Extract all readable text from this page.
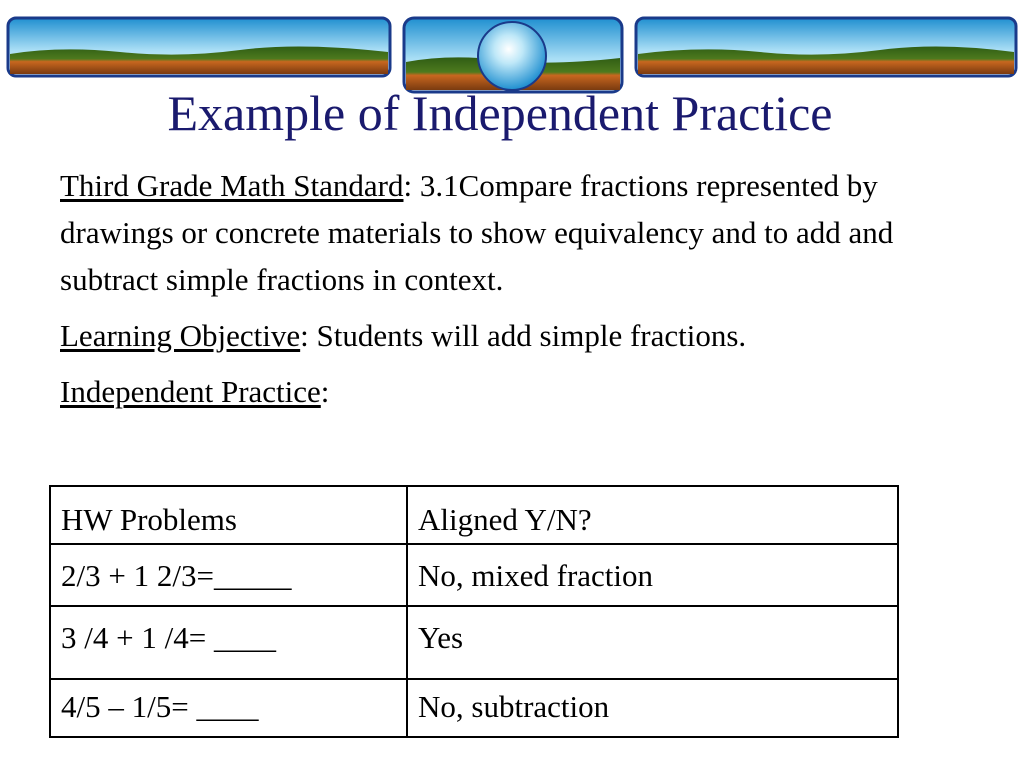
Example of Independent Practice

Third Grade Math Standard: 3.1Compare fractions represented by drawings or concrete materials to show equivalency and to add and subtract simple fractions in context.

Learning Objective: Students will add simple fractions.

Independent Practice:

HW Problems	Aligned Y/N?
2/3 + 1 2/3=_____	No, mixed fraction
3 /4 + 1 /4= ____	Yes
4/5 – 1/5= ____	No, subtraction
